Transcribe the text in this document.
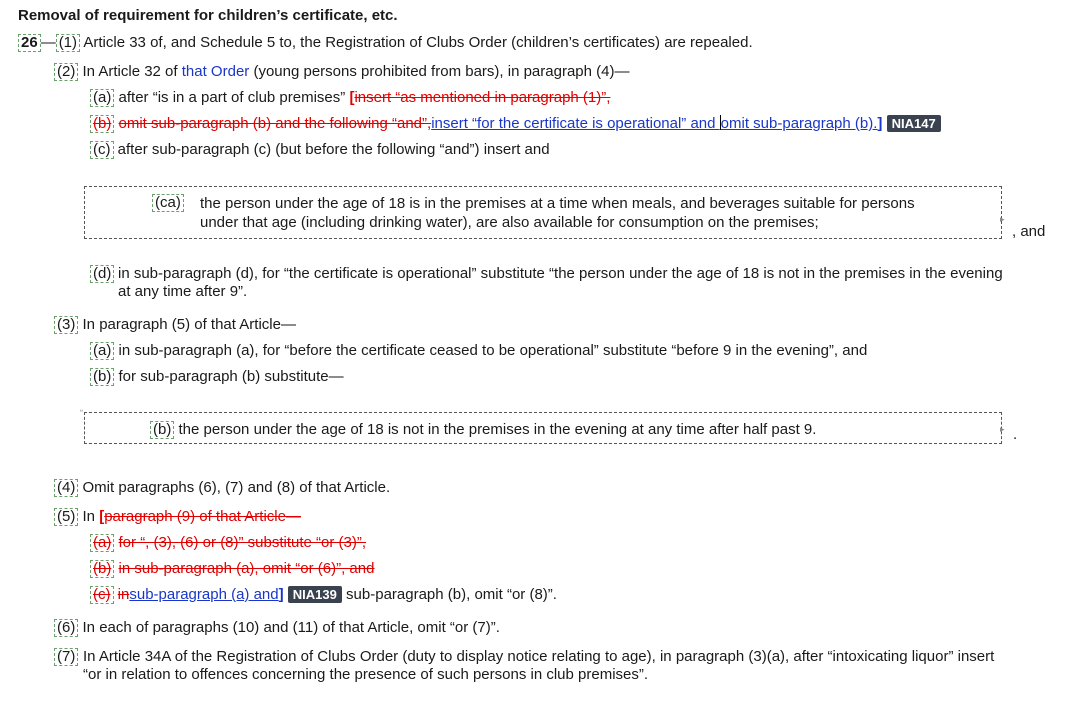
Removal of requirement for children’s certificate, etc.
26 — (1) Article 33 of, and Schedule 5 to, the Registration of Clubs Order (children’s certificates) are repealed.
(2) In Article 32 of that Order (young persons prohibited from bars), in paragraph (4)—
(a) after “is in a part of club premises” [insert “as mentioned in paragraph (1)”,
(b) omit sub-paragraph (b) and the following “and”,insert “for the certificate is operational” and omit sub-paragraph (b).] NIA147
(c) after sub-paragraph (c) (but before the following “and”) insert and
(ca) the person under the age of 18 is in the premises at a time when meals, and beverages suitable for persons
under that age (including drinking water), are also available for consumption on the premises;	▸
, and
(d) in sub-paragraph (d), for “the certificate is operational” substitute “the person under the age of 18 is not in the premises in the evening
at any time after 9”.
(3) In paragraph (5) of that Article—
(a) in sub-paragraph (a), for “before the certificate ceased to be operational” substitute “before 9 in the evening”, and
(b) for sub-paragraph (b) substitute—
“
(b) the person under the age of 18 is not in the premises in the evening at any time after half past 9.	▸ .
(4) Omit paragraphs (6), (7) and (8) of that Article.
(5) In [paragraph (9) of that Article—
(a) for “, (3), (6) or (8)” substitute “or (3)”,
(b) in sub-paragraph (a), omit “or (6)”, and
(c) insub-paragraph (a) and] NIA139 sub-paragraph (b), omit “or (8)”.
(6) In each of paragraphs (10) and (11) of that Article, omit “or (7)”.
(7) In Article 34A of the Registration of Clubs Order (duty to display notice relating to age), in paragraph (3)(a), after “intoxicating liquor” insert
“or in relation to offences concerning the presence of such persons in club premises”.
